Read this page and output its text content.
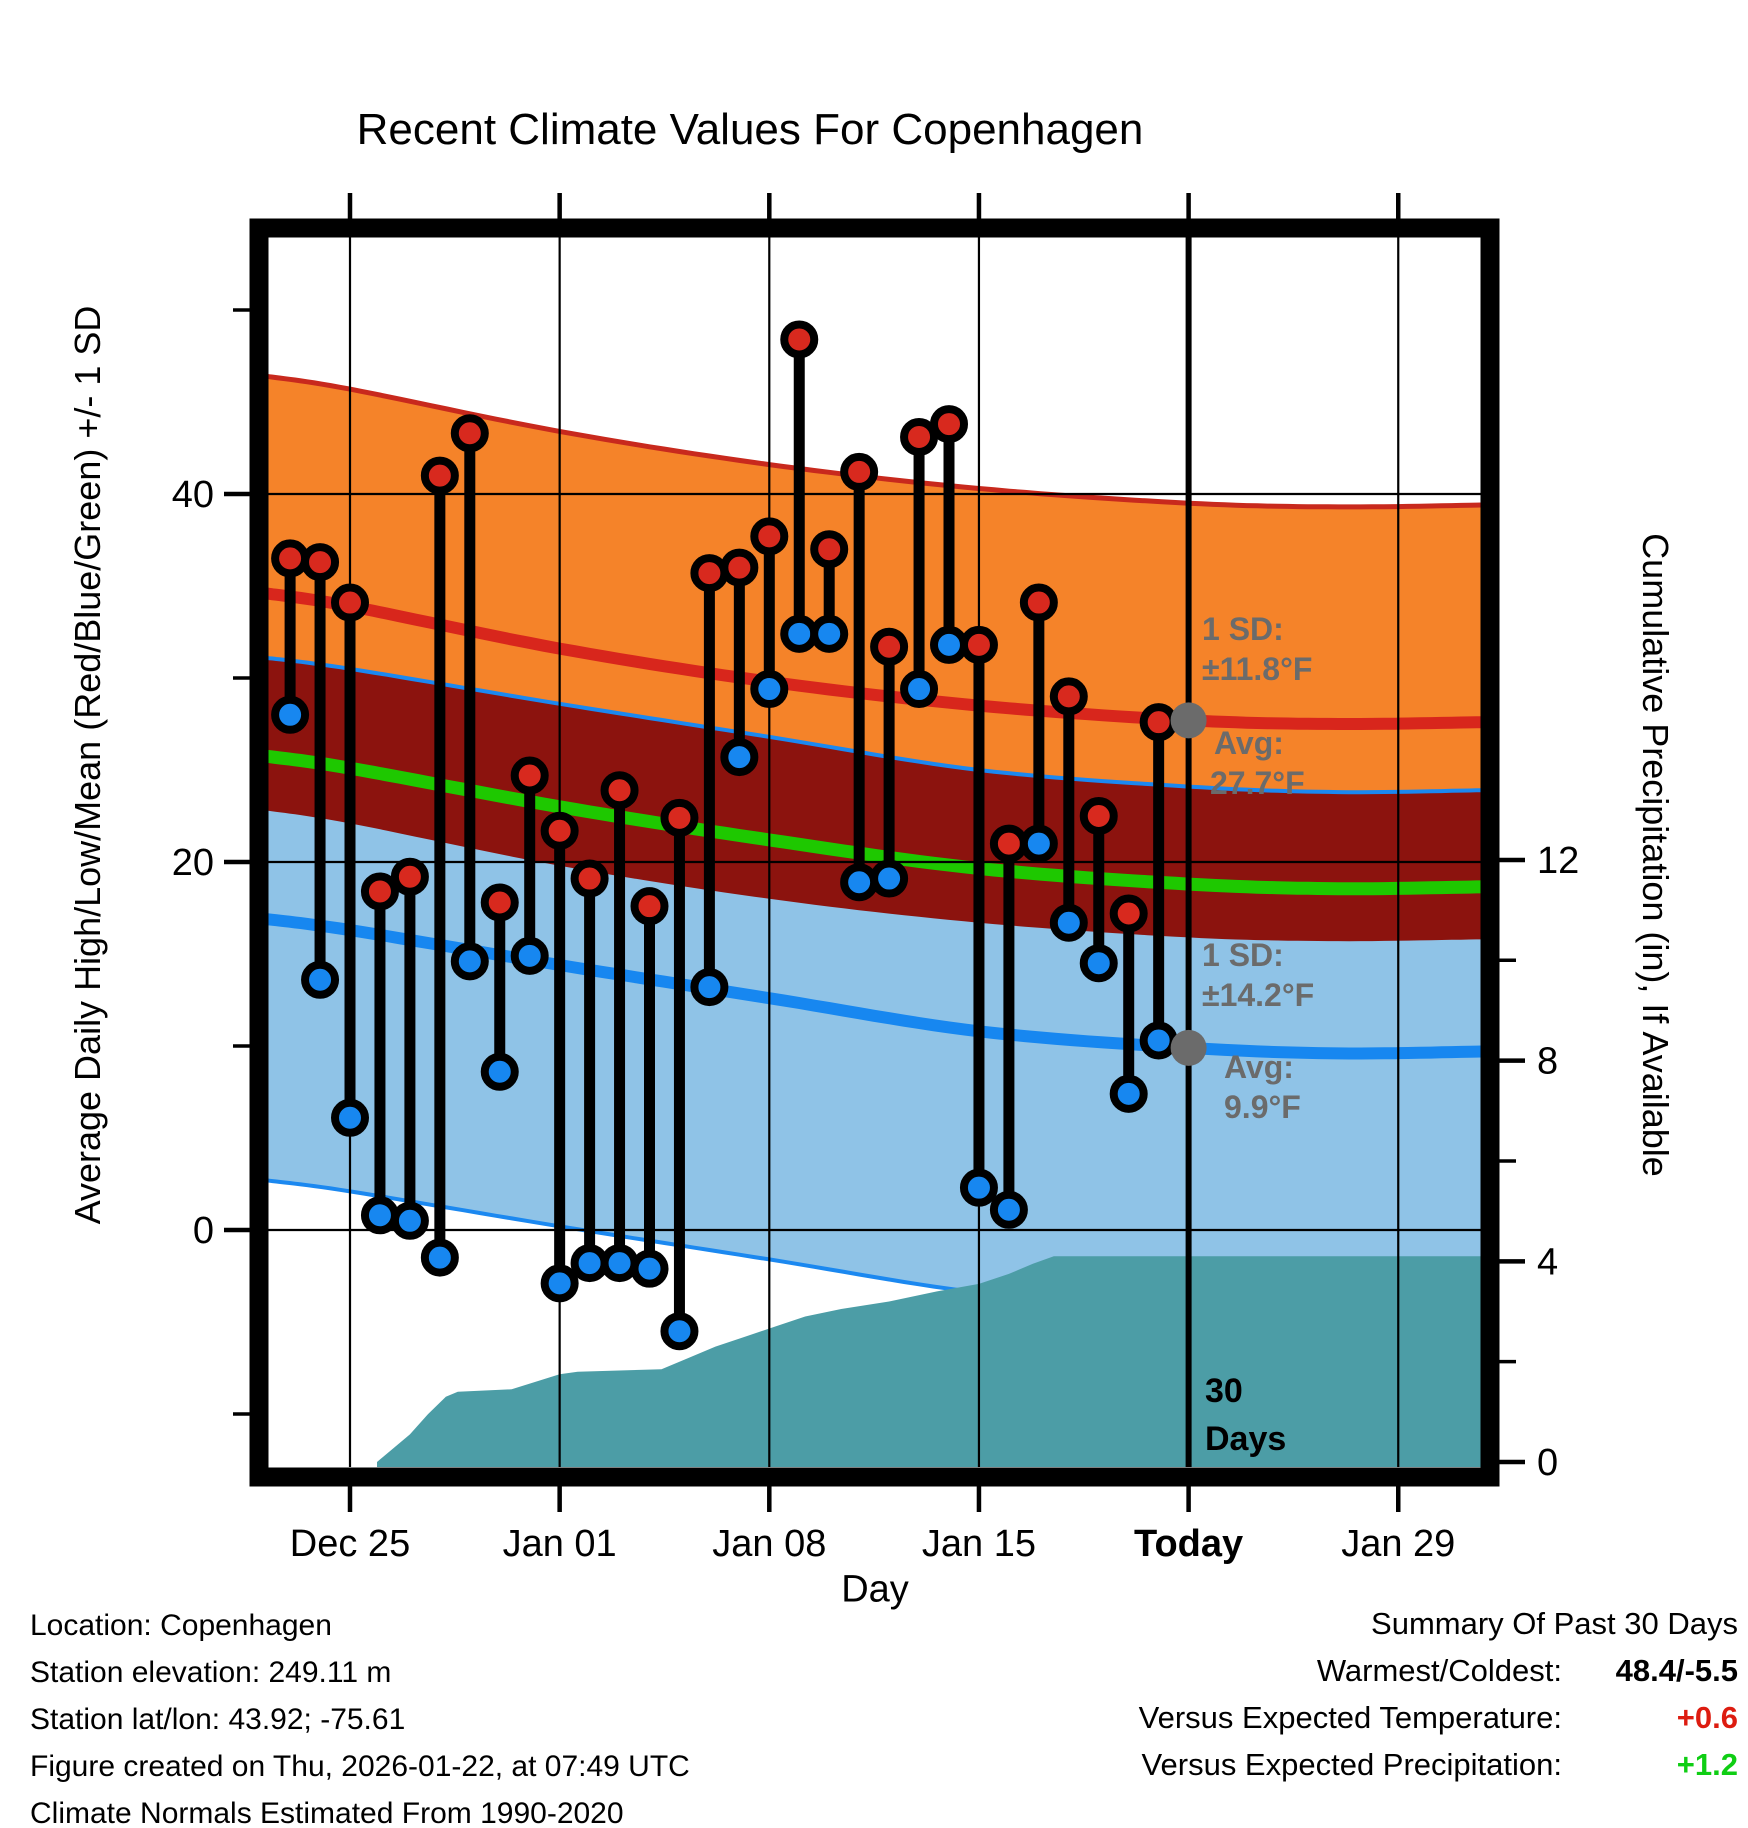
Recent Climate Values For Copenhagen
Average Daily High/Low/Mean (Red/Blue/Green) +/- 1 SD	Cumulative Precipitation (in), If Available
1 SD:
±11.8°F
Avg:
27.7°F
1 SD:
±14.2°F
Avg:
9.9°F
30
Days
0
20
40
0
4
8
12
Dec 25 Jan 01	Jan 08	Jan 15	Today	Jan 29
Day
Location: Copenhagen
Station elevation: 249.11 m
Station lat/lon: 43.92; -75.61
Figure created on Thu, 2026-01-22, at 07:49 UTC
Climate Normals Estimated From 1990-2020
Summary Of Past 30 Days
Warmest/Coldest: 48.4/-5.5
Versus Expected Temperature:	+0.6
Versus Expected Precipitation:	+1.2
